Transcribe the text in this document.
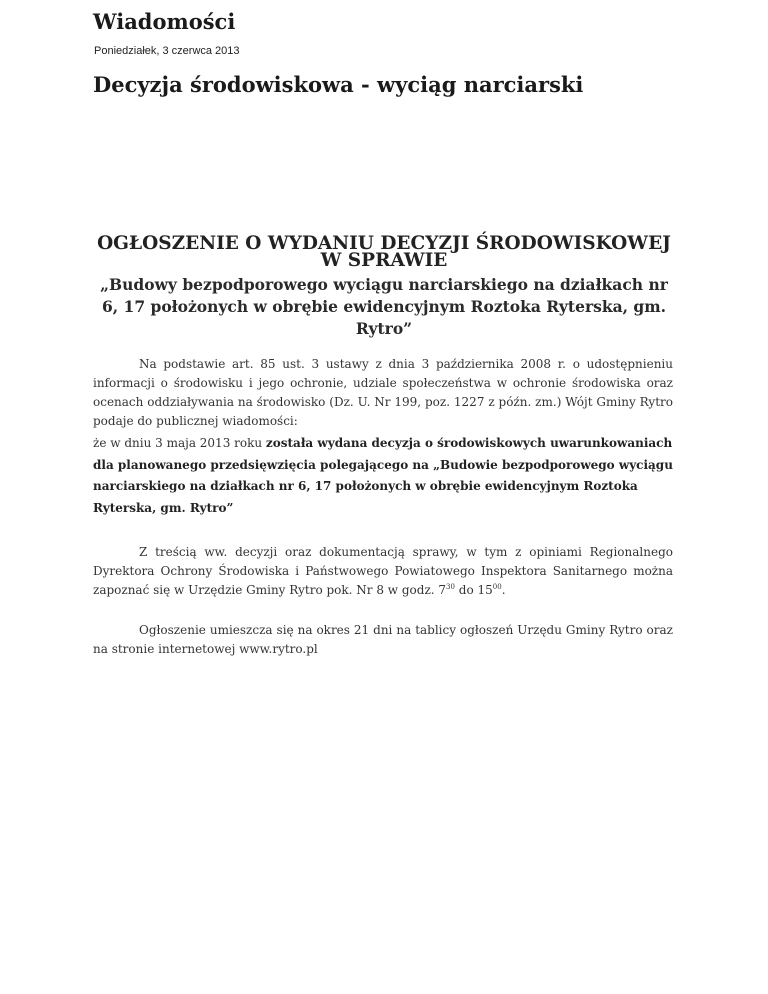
Wiadomości

Poniedziałek, 3 czerwca 2013

Decyzja środowiskowa - wyciąg narciarski
OGŁOSZENIE O WYDANIU DECYZJI ŚRODOWISKOWEJ W SPRAWIE

„Budowy bezpodporowego wyciągu narciarskiego na działkach nr 6, 17 położonych w obrębie ewidencyjnym Roztoka Ryterska, gm. Rytro”

Na podstawie art. 85 ust. 3 ustawy z dnia 3 października 2008 r. o udostępnieniu informacji o środowisku i jego ochronie, udziale społeczeństwa w ochronie środowiska oraz ocenach oddziaływania na środowisko (Dz. U. Nr 199, poz. 1227 z późn. zm.) Wójt Gminy Rytro podaje do publicznej wiadomości:

że w dniu 3 maja 2013 roku została wydana decyzja o środowiskowych uwarunkowaniach dla planowanego przedsięwzięcia polegającego na „Budowie bezpodporowego wyciągu narciarskiego na działkach nr 6, 17 położonych w obrębie ewidencyjnym Roztoka Ryterska, gm. Rytro”

Z treścią ww. decyzji oraz dokumentacją sprawy, w tym z opiniami Regionalnego Dyrektora Ochrony Środowiska i Państwowego Powiatowego Inspektora Sanitarnego można zapoznać się w Urzędzie Gminy Rytro pok. Nr 8 w godz. $7^{30}$ do $15^{00}$.

Ogłoszenie umieszcza się na okres 21 dni na tablicy ogłoszeń Urzędu Gminy Rytro oraz na stronie internetowej www.rytro.pl
